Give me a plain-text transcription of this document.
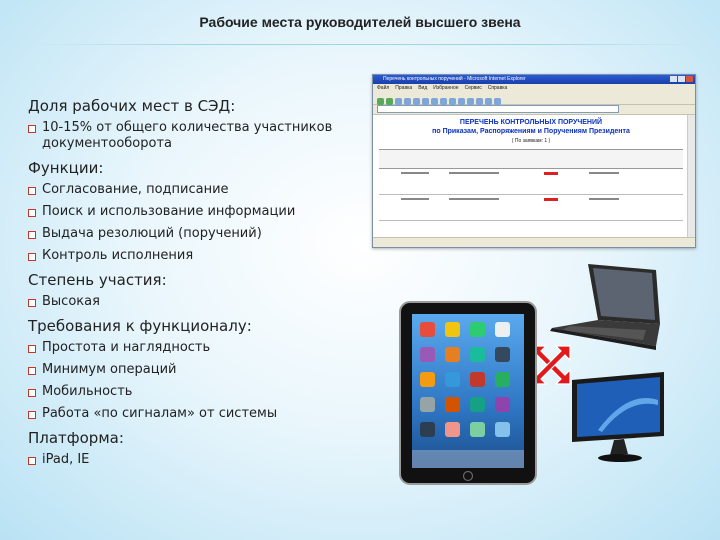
Рабочие места руководителей высшего звена
Доля рабочих мест в СЭД:
10-15% от общего количества участников документооборота
Функции:
Согласование, подписание
Поиск и использование информации
Выдача резолюций (поручений)
Контроль исполнения
Степень участия:
Высокая
Требования к функционалу:
Простота и наглядность
Минимум операций
Мобильность
Работа «по сигналам» от системы
Платформа:
iPad, IE
Перечень контрольных поручений - Microsoft Internet Explorer
Файл Правка Вид Избранное Сервис Справка
ПЕРЕЧЕНЬ КОНТРОЛЬНЫХ ПОРУЧЕНИЙ
по Приказам, Распоряжениям и Поручениям Президента
( По заявкам: 1 )
